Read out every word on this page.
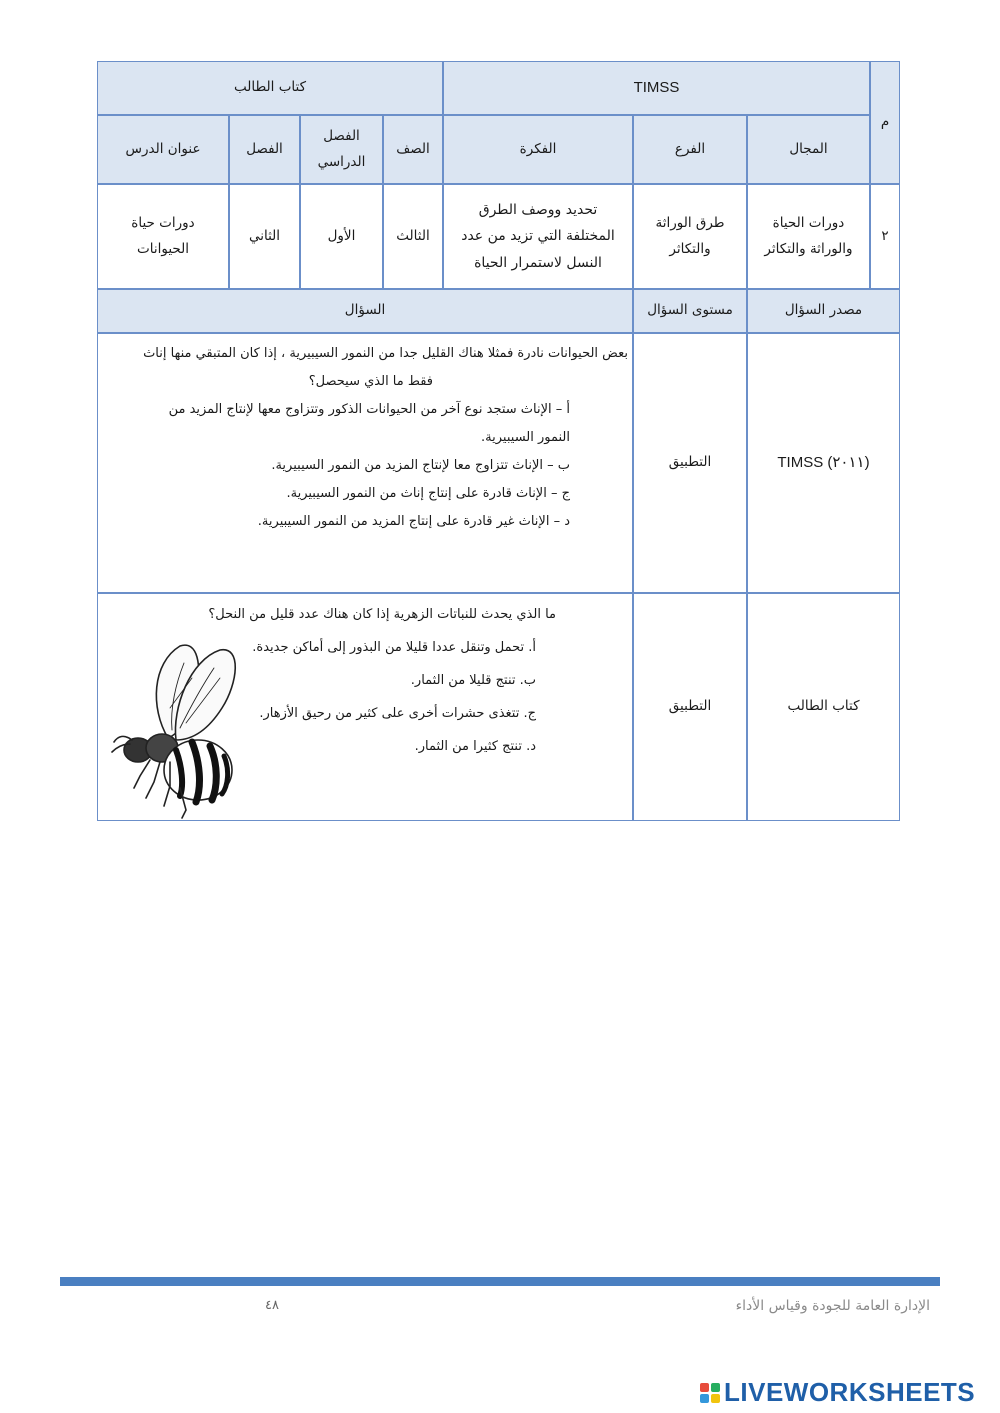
م
TIMSS
كتاب الطالب
المجال
الفرع
الفكرة
الصف
الفصل الدراسي
الفصل
عنوان الدرس
٢
دورات الحياة والوراثة والتكاثر
طرق الوراثة والتكاثر
تحديد ووصف الطرق المختلفة التي تزيد من عدد النسل لاستمرار الحياة
الثالث
الأول
الثاني
دورات حياة الحيوانات
مصدر السؤال
مستوى السؤال
السؤال
TIMSS (٢٠١١)
التطبيق
بعض الحيوانات نادرة فمثلا هناك القليل جدا من النمور السيبيرية ، إذا كان المتبقي منها إناث
فقط ما الذي سيحصل؟
أ – الإناث ستجد نوع آخر من الحيوانات الذكور وتتزاوج معها لإنتاج المزيد من
النمور السيبيرية.
ب – الإناث تتزاوج معا لإنتاج المزيد من النمور السيبيرية.
ج – الإناث قادرة على إنتاج إناث من النمور السيبيرية.
د – الإناث غير قادرة على إنتاج المزيد من النمور السيبيرية.
كتاب الطالب
التطبيق
ما الذي يحدث للنباتات الزهرية إذا كان هناك عدد قليل من النحل؟
أ. تحمل وتنقل عددا قليلا من البذور إلى أماكن جديدة.
ب. تنتج قليلا من الثمار.
ج. تتغذى حشرات أخرى على كثير من رحيق الأزهار.
د. تنتج كثيرا من الثمار.
٤٨	الإدارة العامة للجودة وقياس الأداء
LIVEWORKSHEETS
